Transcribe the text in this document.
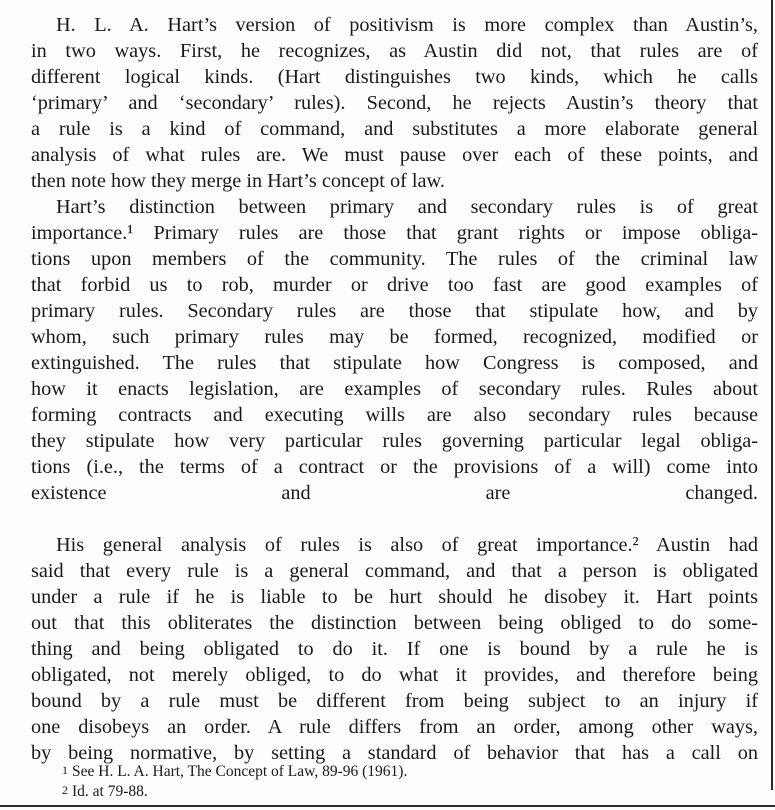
H. L. A. Hart’s version of positivism is more complex than Austin’s,
in two ways. First, he recognizes, as Austin did not, that rules are of
different logical kinds. (Hart distinguishes two kinds, which he calls
‘primary’ and ‘secondary’ rules). Second, he rejects Austin’s theory that
a rule is a kind of command, and substitutes a more elaborate general
analysis of what rules are. We must pause over each of these points, and
then note how they merge in Hart’s concept of law.
Hart’s distinction between primary and secondary rules is of great
importance.¹ Primary rules are those that grant rights or impose obliga-
tions upon members of the community. The rules of the criminal law
that forbid us to rob, murder or drive too fast are good examples of
primary rules. Secondary rules are those that stipulate how, and by
whom, such primary rules may be formed, recognized, modified or
extinguished. The rules that stipulate how Congress is composed, and
how it enacts legislation, are examples of secondary rules. Rules about
forming contracts and executing wills are also secondary rules because
they stipulate how very particular rules governing particular legal obliga-
tions (i.e., the terms of a contract or the provisions of a will) come into
existence and are changed.
His general analysis of rules is also of great importance.² Austin had
said that every rule is a general command, and that a person is obligated
under a rule if he is liable to be hurt should he disobey it. Hart points
out that this obliterates the distinction between being obliged to do some-
thing and being obligated to do it. If one is bound by a rule he is
obligated, not merely obliged, to do what it provides, and therefore being
bound by a rule must be different from being subject to an injury if
one disobeys an order. A rule differs from an order, among other ways,
by being normative, by setting a standard of behavior that has a call on
1 See H. L. A. Hart, The Concept of Law, 89-96 (1961).
2 Id. at 79-88.
